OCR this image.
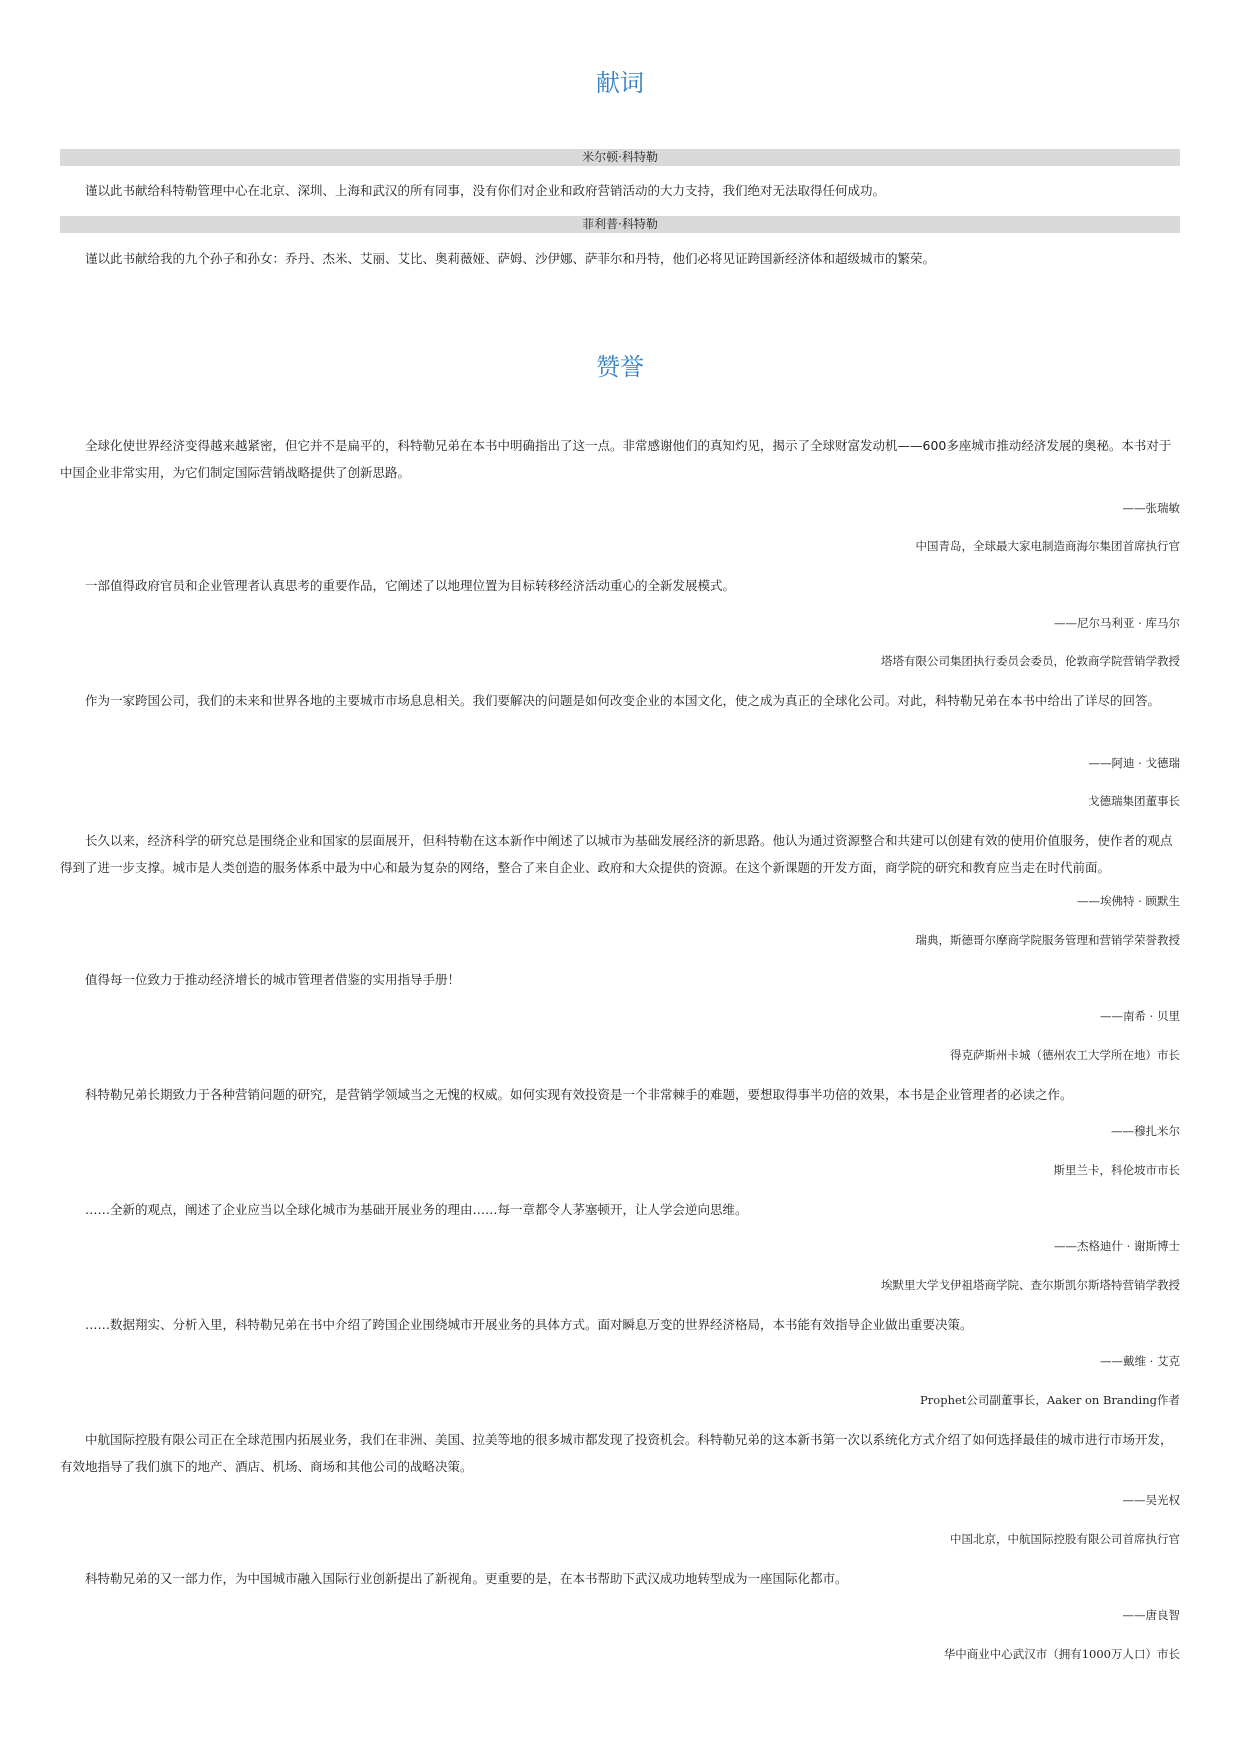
献词
米尔顿·科特勒

谨以此书献给科特勒管理中心在北京、深圳、上海和武汉的所有同事，没有你们对企业和政府营销活动的大力支持，我们绝对无法取得任何成功。

菲利普·科特勒

谨以此书献给我的九个孙子和孙女：乔丹、杰米、艾丽、艾比、奥莉薇娅、萨姆、沙伊娜、萨菲尔和丹特，他们必将见证跨国新经济体和超级城市的繁荣。

赞誉

全球化使世界经济变得越来越紧密，但它并不是扁平的，科特勒兄弟在本书中明确指出了这一点。非常感谢他们的真知灼见，揭示了全球财富发动机——600多座城市推动经济发展的奥秘。本书对于中国企业非常实用，为它们制定国际营销战略提供了创新思路。

——张瑞敏

中国青岛，全球最大家电制造商海尔集团首席执行官

一部值得政府官员和企业管理者认真思考的重要作品，它阐述了以地理位置为目标转移经济活动重心的全新发展模式。

——尼尔马利亚 · 库马尔

塔塔有限公司集团执行委员会委员，伦敦商学院营销学教授

作为一家跨国公司，我们的未来和世界各地的主要城市市场息息相关。我们要解决的问题是如何改变企业的本国文化，使之成为真正的全球化公司。对此，科特勒兄弟在本书中给出了详尽的回答。

——阿迪 · 戈德瑞

戈德瑞集团董事长

长久以来，经济科学的研究总是围绕企业和国家的层面展开，但科特勒在这本新作中阐述了以城市为基础发展经济的新思路。他认为通过资源整合和共建可以创建有效的使用价值服务，使作者的观点得到了进一步支撑。城市是人类创造的服务体系中最为中心和最为复杂的网络，整合了来自企业、政府和大众提供的资源。在这个新课题的开发方面，商学院的研究和教育应当走在时代前面。

——埃佛特 · 顾默生

瑞典，斯德哥尔摩商学院服务管理和营销学荣誉教授

值得每一位致力于推动经济增长的城市管理者借鉴的实用指导手册！

——南希 · 贝里

得克萨斯州卡城（德州农工大学所在地）市长

科特勒兄弟长期致力于各种营销问题的研究，是营销学领域当之无愧的权威。如何实现有效投资是一个非常棘手的难题，要想取得事半功倍的效果，本书是企业管理者的必读之作。

——穆扎米尔

斯里兰卡，科伦坡市市长

……全新的观点，阐述了企业应当以全球化城市为基础开展业务的理由……每一章都令人茅塞顿开，让人学会逆向思维。

——杰格迪什 · 谢斯博士

埃默里大学戈伊祖塔商学院、查尔斯凯尔斯塔特营销学教授

……数据翔实、分析入里，科特勒兄弟在书中介绍了跨国企业围绕城市开展业务的具体方式。面对瞬息万变的世界经济格局，本书能有效指导企业做出重要决策。

——戴维 · 艾克

Prophet公司副董事长，Aaker on Branding作者

中航国际控股有限公司正在全球范围内拓展业务，我们在非洲、美国、拉美等地的很多城市都发现了投资机会。科特勒兄弟的这本新书第一次以系统化方式介绍了如何选择最佳的城市进行市场开发，有效地指导了我们旗下的地产、酒店、机场、商场和其他公司的战略决策。

——吴光权

中国北京，中航国际控股有限公司首席执行官

科特勒兄弟的又一部力作，为中国城市融入国际行业创新提出了新视角。更重要的是，在本书帮助下武汉成功地转型成为一座国际化都市。

——唐良智

华中商业中心武汉市（拥有1000万人口）市长
